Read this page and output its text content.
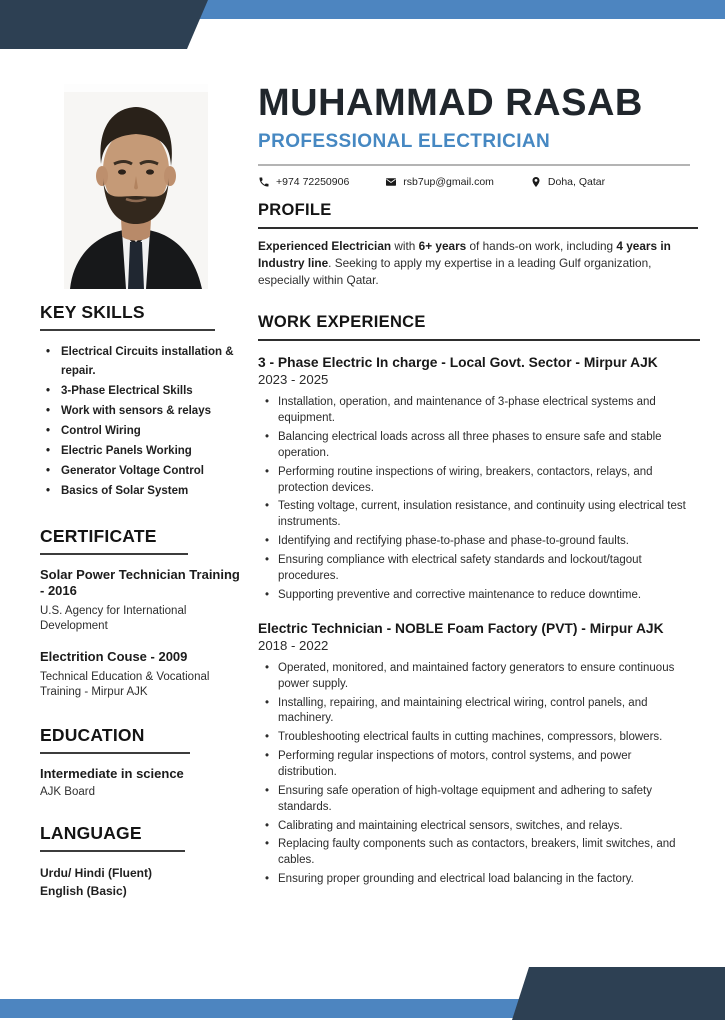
MUHAMMAD RASAB
PROFESSIONAL ELECTRICIAN
+974 72250906	rsb7up@gmail.com	Doha, Qatar
PROFILE

Experienced Electrician with 6+ years of hands-on work, including 4 years in Industry line. Seeking to apply my expertise in a leading Gulf organization, especially within Qatar.

WORK EXPERIENCE
3 - Phase Electric In charge - Local Govt. Sector - Mirpur AJK
2023 - 2025
• Installation, operation, and maintenance of 3-phase electrical systems and equipment.
• Balancing electrical loads across all three phases to ensure safe and stable operation.
• Performing routine inspections of wiring, breakers, contactors, relays, and protection devices.
• Testing voltage, current, insulation resistance, and continuity using electrical test instruments.
• Identifying and rectifying phase-to-phase and phase-to-ground faults.
• Ensuring compliance with electrical safety standards and lockout/tagout procedures.
• Supporting preventive and corrective maintenance to reduce downtime.
Electric Technician - NOBLE Foam Factory (PVT) - Mirpur AJK
2018 - 2022
• Operated, monitored, and maintained factory generators to ensure continuous power supply.
• Installing, repairing, and maintaining electrical wiring, control panels, and machinery.
• Troubleshooting electrical faults in cutting machines, compressors, blowers.
• Performing regular inspections of motors, control systems, and power distribution.
• Ensuring safe operation of high-voltage equipment and adhering to safety standards.
• Calibrating and maintaining electrical sensors, switches, and relays.
• Replacing faulty components such as contactors, breakers, limit switches, and cables.
• Ensuring proper grounding and electrical load balancing in the factory.
KEY SKILLS
• Electrical Circuits installation & repair.
• 3-Phase Electrical Skills
• Work with sensors & relays
• Control Wiring
• Electric Panels Working
• Generator Voltage Control
• Basics of Solar System
CERTIFICATE
Solar Power Technician Training - 2016
U.S. Agency for International Development
Electrition Couse - 2009
Technical Education & Vocational Training - Mirpur AJK
EDUCATION
Intermediate in science
AJK Board
LANGUAGE
Urdu/ Hindi (Fluent)
English (Basic)
